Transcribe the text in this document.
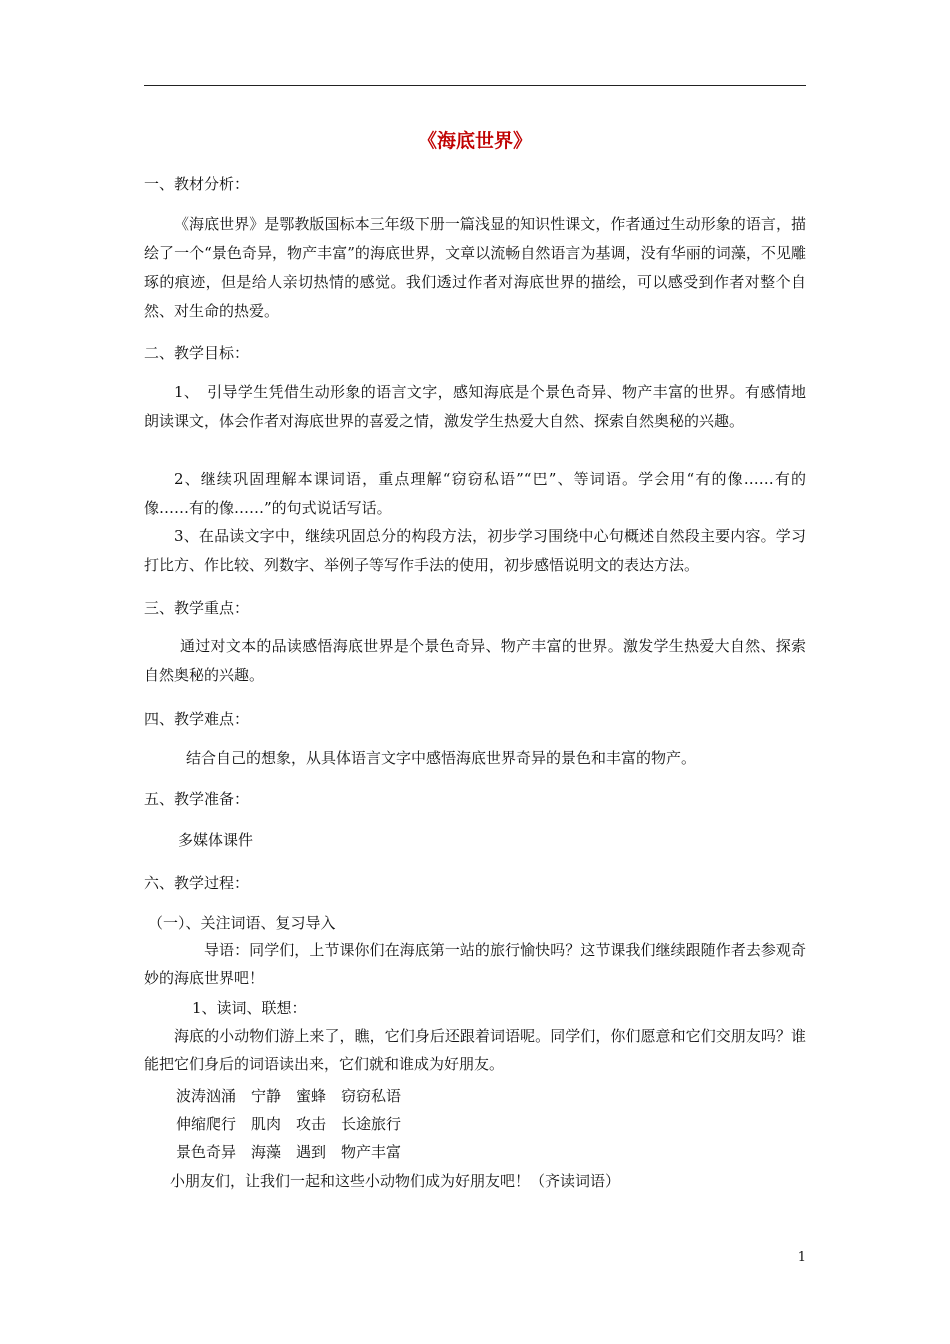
《海底世界》
一、教材分析：
《海底世界》是鄂教版国标本三年级下册一篇浅显的知识性课文，作者通过生动形象的语言，描绘了一个“景色奇异，物产丰富”的海底世界，文章以流畅自然语言为基调，没有华丽的词藻，不见雕琢的痕迹，但是给人亲切热情的感觉。我们透过作者对海底世界的描绘，可以感受到作者对整个自然、对生命的热爱。
二、教学目标：
1、　引导学生凭借生动形象的语言文字，感知海底是个景色奇异、物产丰富的世界。有感情地朗读课文，体会作者对海底世界的喜爱之情，激发学生热爱大自然、探索自然奥秘的兴趣。
2、继续巩固理解本课词语，重点理解“窃窃私语”“巴”、等词语。学会用“有的像……有的像……有的像……”的句式说话写话。
3、在品读文字中，继续巩固总分的构段方法，初步学习围绕中心句概述自然段主要内容。学习打比方、作比较、列数字、举例子等写作手法的使用，初步感悟说明文的表达方法。
三、教学重点：
通过对文本的品读感悟海底世界是个景色奇异、物产丰富的世界。激发学生热爱大自然、探索自然奥秘的兴趣。
四、教学难点：
结合自己的想象，从具体语言文字中感悟海底世界奇异的景色和丰富的物产。
五、教学准备：
多媒体课件
六、教学过程：
（一）、关注词语、复习导入
导语：同学们，上节课你们在海底第一站的旅行愉快吗？这节课我们继续跟随作者去参观奇妙的海底世界吧！
1、读词、联想：
海底的小动物们游上来了，瞧，它们身后还跟着词语呢。同学们，你们愿意和它们交朋友吗？谁能把它们身后的词语读出来，它们就和谁成为好朋友。
波涛汹涌　宁静　蜜蜂　窃窃私语
伸缩爬行　肌肉　攻击　长途旅行
景色奇异　海藻　遇到　物产丰富
小朋友们，让我们一起和这些小动物们成为好朋友吧！（齐读词语）
1
